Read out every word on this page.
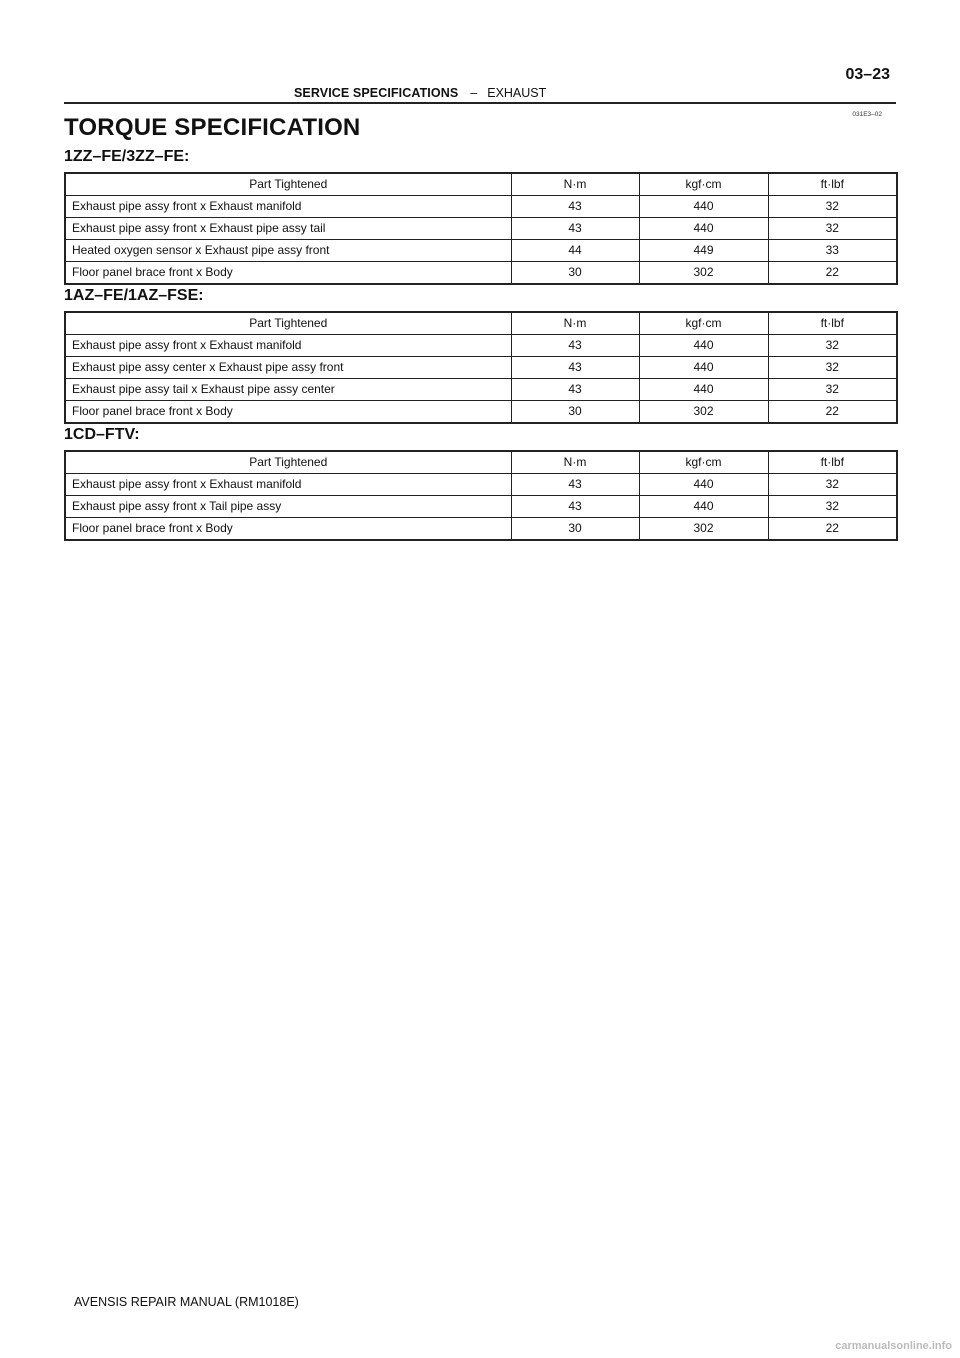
SERVICE SPECIFICATIONS – EXHAUST
03–23
031E3–02
TORQUE SPECIFICATION
1ZZ–FE/3ZZ–FE:
Part Tightened	N·m	kgf·cm	ft·lbf
Exhaust pipe assy front x Exhaust manifold	43	440	32
Exhaust pipe assy front x Exhaust pipe assy tail	43	440	32
Heated oxygen sensor x Exhaust pipe assy front	44	449	33
Floor panel brace front x Body	30	302	22
1AZ–FE/1AZ–FSE:
Part Tightened	N·m	kgf·cm	ft·lbf
Exhaust pipe assy front x Exhaust manifold	43	440	32
Exhaust pipe assy center x Exhaust pipe assy front	43	440	32
Exhaust pipe assy tail x Exhaust pipe assy center	43	440	32
Floor panel brace front x Body	30	302	22
1CD–FTV:
Part Tightened	N·m	kgf·cm	ft·lbf
Exhaust pipe assy front x Exhaust manifold	43	440	32
Exhaust pipe assy front x Tail pipe assy	43	440	32
Floor panel brace front x Body	30	302	22
AVENSIS REPAIR MANUAL (RM1018E)
carmanualsonline.info
